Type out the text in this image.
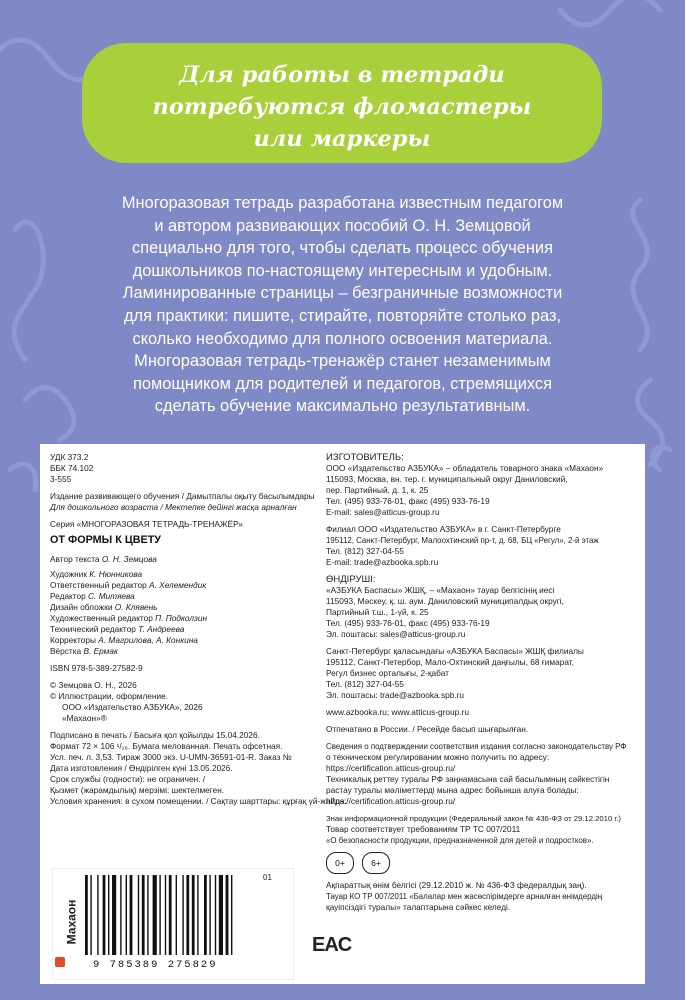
Для работы в тетради
потребуются фломастеры
или маркеры
Многоразовая тетрадь разработана известным педагогом
и автором развивающих пособий О. Н. Земцовой
специально для того, чтобы сделать процесс обучения
дошкольников по-настоящему интересным и удобным.
Ламинированные страницы – безграничные возможности
для практики: пишите, стирайте, повторяйте столько раз,
сколько необходимо для полного освоения материала.
Многоразовая тетрадь-тренажёр станет незаменимым
помощником для родителей и педагогов, стремящихся
сделать обучение максимально результативным.
УДК 373.2
ББК 74.102
3-555
Издание развивающего обучения / Дамытпалы оқыту басылымдары
Для дошкольного возраста / Мектепке дейінгі жасқа арналған
Серия «МНОГОРАЗОВАЯ ТЕТРАДЬ-ТРЕНАЖЁР»
ОТ ФОРМЫ К ЦВЕТУ
Автор текста О. Н. Земцова
Художник К. Нюнникова
Ответственный редактор А. Хелемендик
Редактор С. Митяева
Дизайн обложки О. Клявень
Художественный редактор П. Подколзин
Технический редактор Т. Андреева
Корректоры А. Магрилова, А. Конкина
Вёрстка В. Ермак
ISBN 978-5-389-27582-9
© Земцова О. Н., 2026
© Иллюстрации, оформление.
ООО «Издательство АЗБУКА», 2026
«Махаон»®
Подписано в печать / Басыға қол қойылды 15.04.2026.
Формат 72 × 106 ¹/₁₆. Бумага мелованная. Печать офсетная.
Усл. печ. л. 3,53. Тираж 3000 экз. U-UMN-36591-01-R. Заказ №
Дата изготовления / Өндірілген күні 13.05.2026.
Срок службы (годности): не ограничен. /
Қызмет (жарамдылық) мерзімі: шектелмеген.
Условия хранения: в сухом помещении. / Сақтау шарттары: құрғақ үй-жайда.
ИЗГОТОВИТЕЛЬ:
ООО «Издательство АЗБУКА» – обладатель товарного знака «Махаон»
115093, Москва, вн. тер. г. муниципальный округ Даниловский,
пер. Партийный, д. 1, к. 25
Тел. (495) 933-76-01, факс (495) 933-76-19
E-mail: sales@atticus-group.ru
Филиал ООО «Издательство АЗБУКА» в г. Санкт-Петербурге
195112, Санкт-Петербург, Малоохтинский пр-т, д. 68, БЦ «Регул», 2-й этаж
Тел. (812) 327-04-55
E-mail: trade@azbooka.spb.ru
ӨНДІРУШІ:
«АЗБУКА Баспасы» ЖШҚ, – «Махаон» тауар белгісінің иесі
115093, Мәскеу, қ. ш. аум. Даниловский муниципалдық округі,
Партийный т.ш., 1-үй, к. 25
Тел. (495) 933-76-01, факс (495) 933-76-19
Эл. поштасы: sales@atticus-group.ru
Санкт-Петербург қаласындағы «АЗБУКА Баспасы» ЖШҚ филиалы
195112, Санкт-Петербор, Мало-Охтинский даңғылы, 68 ғимарат,
Регул бизнес орталығы, 2-қабат
Тел. (812) 327-04-55
Эл. поштасы: trade@azbooka.spb.ru
www.azbooka.ru; www.atticus-group.ru
Отпечатано в России. / Ресейде басып шығарылған.
Сведения о подтверждении соответствия издания согласно законодательству РФ
о техническом регулировании можно получить по адресу:
https://certification.atticus-group.ru/
Техникалық реттеу туралы РФ заңнамасына сай басылымның сәйкестігін
растау туралы мәліметтерді мына адрес бойынша алуға болады:
https://certification.atticus-group.ru/
Знак информационной продукции (Федеральный закон № 436-ФЗ от 29.12.2010 г.)
Товар соответствует требованиям ТР ТС 007/2011
«О безопасности продукции, предназначенной для детей и подростков».
0+	6+
Ақпараттық өнім белгісі (29.12.2010 ж. № 436-ФЗ федералдық заң).
Тауар КО ТР 007/2011 «Балалар мен жасөспірімдерге арналған өнімдердің
қауіпсіздігі туралы» талаптарына сәйкес келеді.
Махаон
01
9 785389 275829
EAC
